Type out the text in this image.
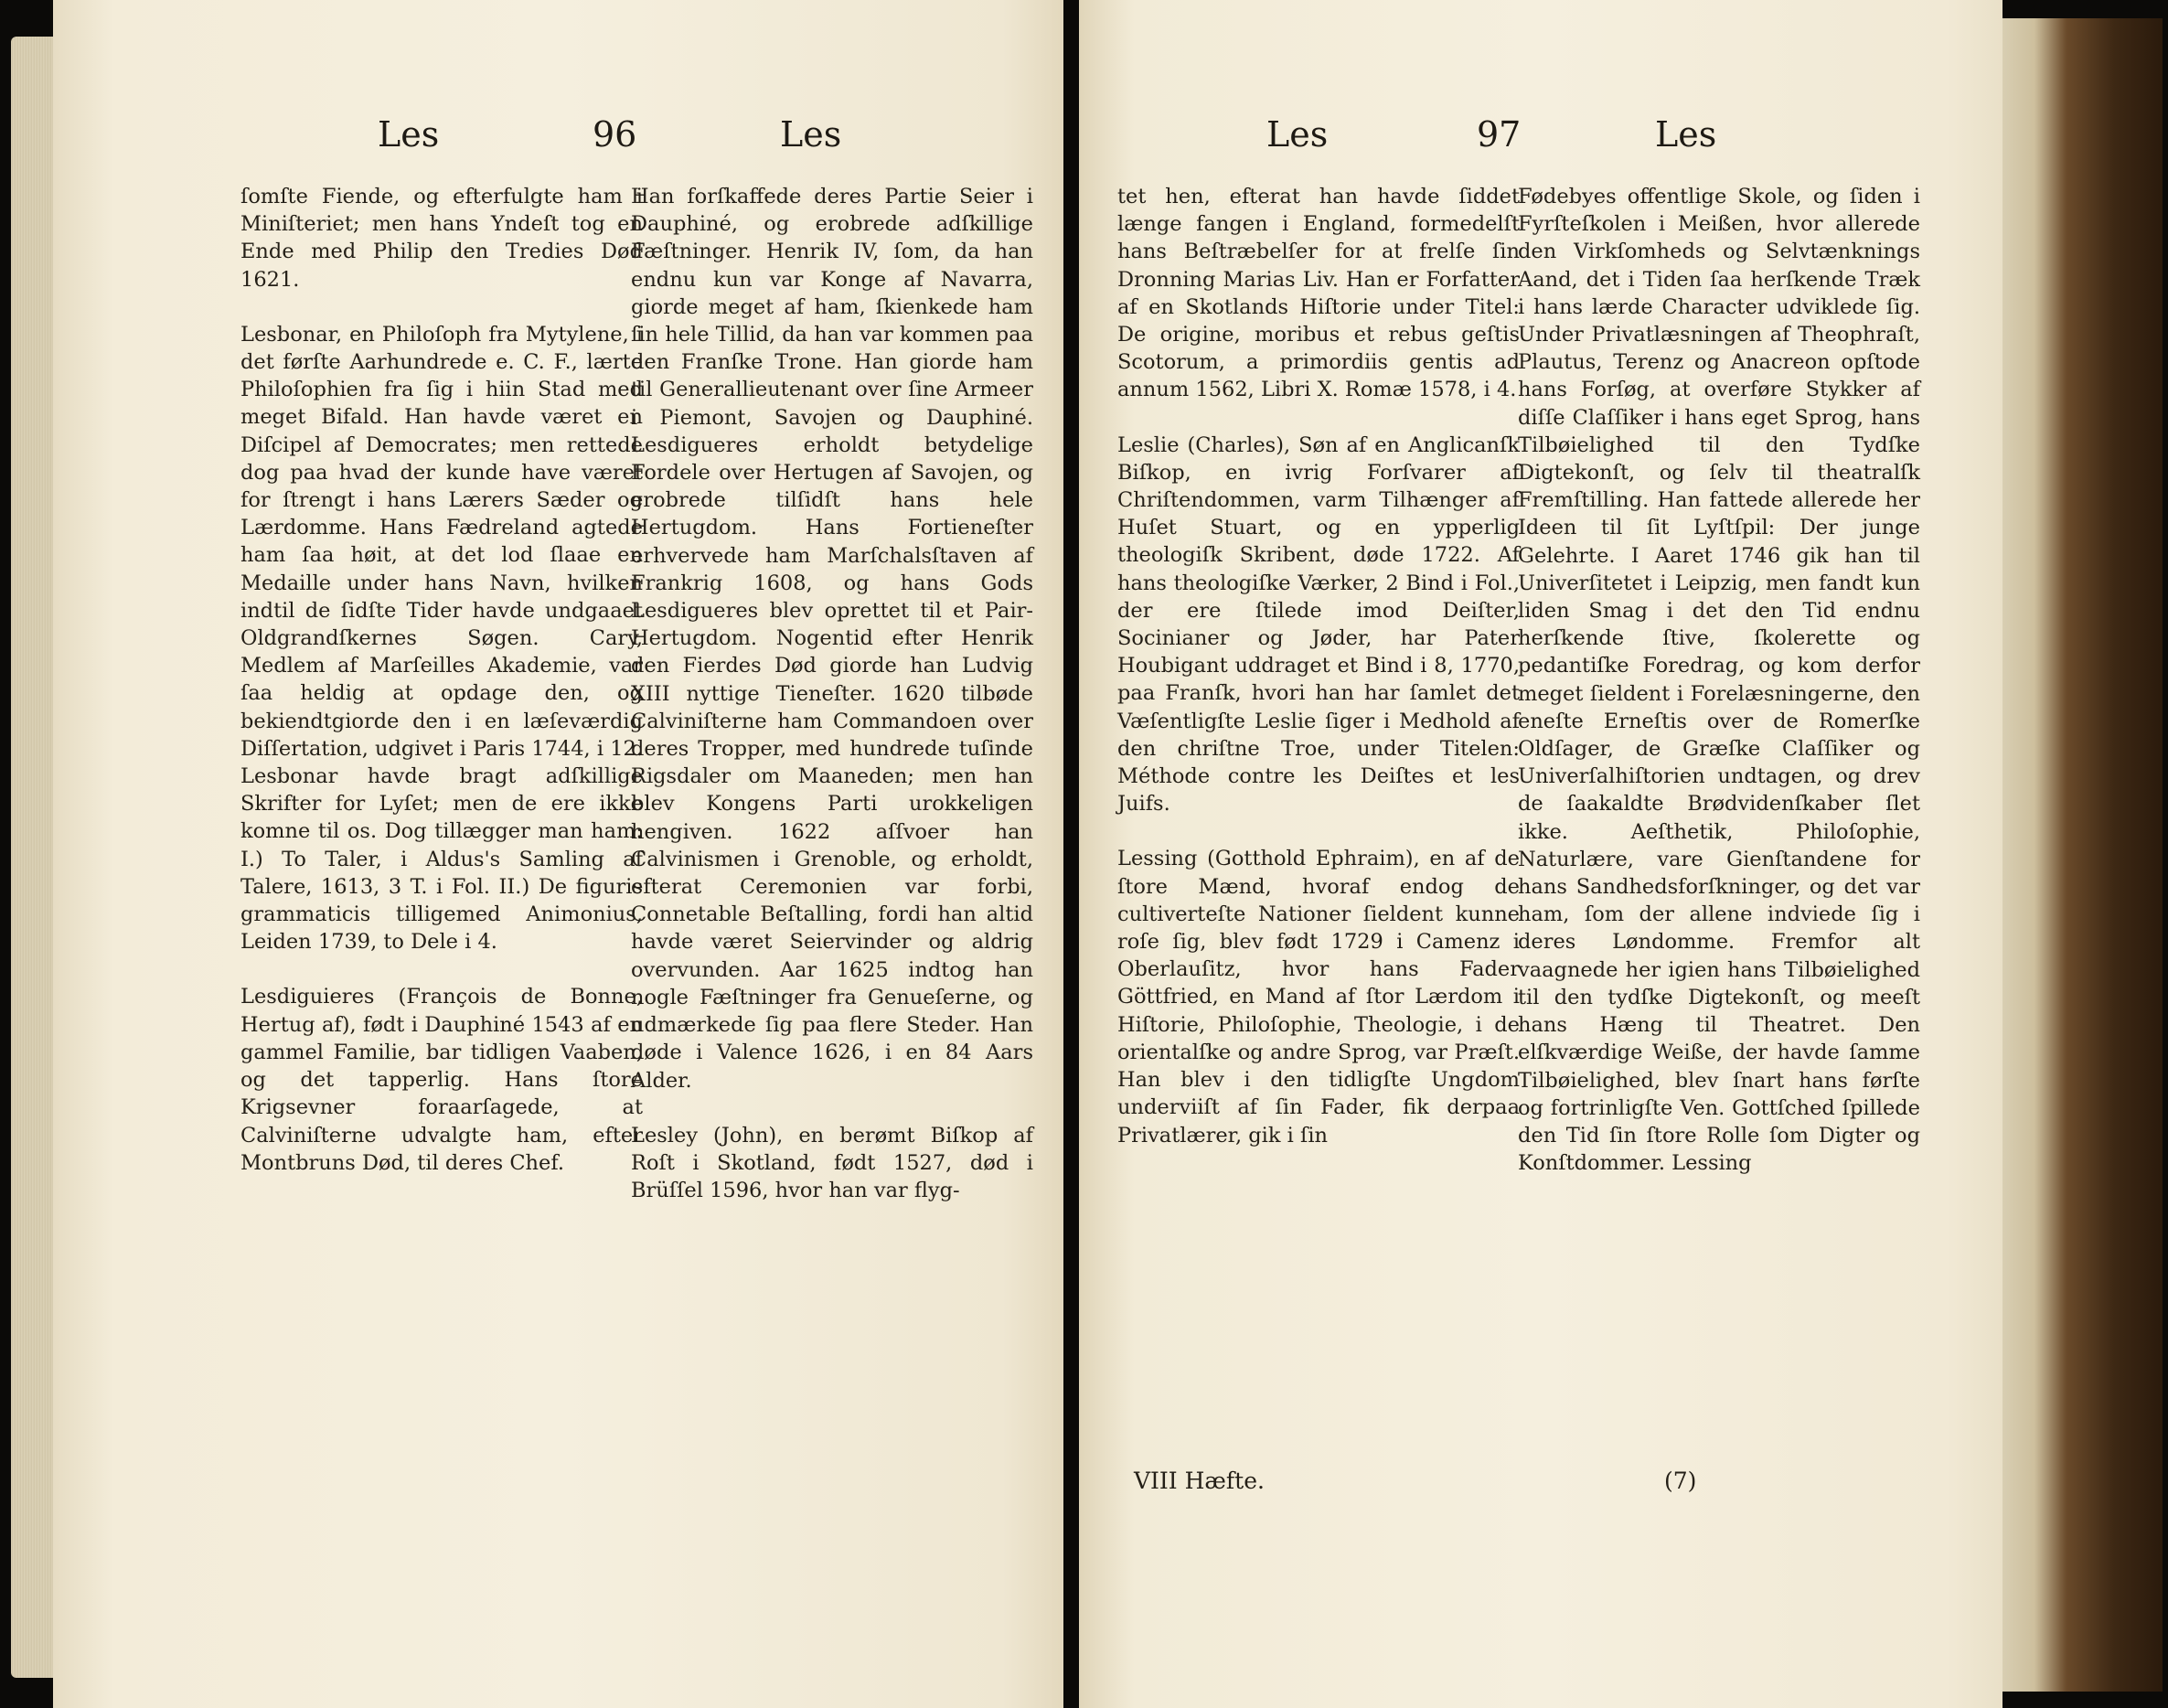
Les	96	Les

ſomſte Fiende, og efterfulgte ham i Miniſteriet; men hans Yndeſt tog en Ende med Philip den Tredies Død 1621.

Lesbonar, en Philoſoph fra Mytylene, i det førſte Aarhundrede e. C. F., lærte Philoſophien fra ſig i hiin Stad med meget Bifald. Han havde været en Diſcipel af Democrates; men rettede dog paa hvad der kunde have været for ſtrengt i hans Lærers Sæder og Lærdomme. Hans Fædreland agtede ham ſaa høit, at det lod ſlaae en Medaille under hans Navn, hvilken indtil de ſidſte Tider havde undgaaet Oldgrandſkernes Søgen. Cary, Medlem af Marſeilles Akademie, var ſaa heldig at opdage den, og bekiendtgiorde den i en læſeværdig Diſſertation, udgivet i Paris 1744, i 12. Lesbonar havde bragt adſkillige Skrifter for Lyſet; men de ere ikke komne til os. Dog tillægger man ham: I.) To Taler, i Aldus's Samling af Talere, 1613, 3 T. i Fol. II.) De figuris grammaticis tilligemed Animonius, Leiden 1739, to Dele i 4.

Lesdiguieres (François de Bonne, Hertug af), født i Dauphiné 1543 af en gammel Familie, bar tidligen Vaaben, og det tapperlig. Hans ſtore Krigsevner foraarſagede, at Calviniſterne udvalgte ham, efter Montbruns Død, til deres Chef.

Han forſkaffede deres Partie Seier i Dauphiné, og erobrede adſkillige Fæſtninger. Henrik IV, ſom, da han endnu kun var Konge af Navarra, giorde meget af ham, ſkienkede ham ſin hele Tillid, da han var kommen paa den Franſke Trone. Han giorde ham til Generallieutenant over ſine Armeer i Piemont, Savojen og Dauphiné. Lesdigueres erholdt betydelige Fordele over Hertugen af Savojen, og erobrede tilſidſt hans hele Hertugdom. Hans Fortieneſter erhvervede ham Marſchalsſtaven af Frankrig 1608, og hans Gods Lesdigueres blev oprettet til et Pair-Hertugdom. Nogentid efter Henrik den Fierdes Død giorde han Ludvig XIII nyttige Tieneſter. 1620 tilbøde Calviniſterne ham Commandoen over deres Tropper, med hundrede tuſinde Rigsdaler om Maaneden; men han blev Kongens Parti urokkeligen hengiven. 1622 aſſvoer han Calvinismen i Grenoble, og erholdt, efterat Ceremonien var forbi, Connetable Beſtalling, fordi han altid havde været Seiervinder og aldrig overvunden. Aar 1625 indtog han nogle Fæſtninger fra Genueſerne, og udmærkede ſig paa flere Steder. Han døde i Valence 1626, i en 84 Aars Alder.

Lesley (John), en berømt Biſkop af Roſt i Skotland, født 1527, død i Brüſſel 1596, hvor han var flyg-

Les	97	Les

tet hen, efterat han havde ſiddet længe fangen i England, formedelſt hans Beſtræbelſer for at frelſe ſin Dronning Marias Liv. Han er Forfatter af en Skotlands Hiſtorie under Titel: De origine, moribus et rebus geſtis Scotorum, a primordiis gentis ad annum 1562, Libri X. Romæ 1578, i 4.

Leslie (Charles), Søn af en Anglicanſk Biſkop, en ivrig Forſvarer af Chriſtendommen, varm Tilhænger af Huſet Stuart, og en ypperlig theologiſk Skribent, døde 1722. Af hans theologiſke Værker, 2 Bind i Fol., der ere ſtilede imod Deiſter, Socinianer og Jøder, har Pater Houbigant uddraget et Bind i 8, 1770, paa Franſk, hvori han har ſamlet det Væſentligſte Leslie ſiger i Medhold af den chriſtne Troe, under Titelen: Méthode contre les Deiſtes et les Juifs.

Lessing (Gotthold Ephraim), en af de ſtore Mænd, hvoraf endog de cultiverteſte Nationer ſieldent kunne roſe ſig, blev født 1729 i Camenz i Oberlauſitz, hvor hans Fader Göttfried, en Mand af ſtor Lærdom i Hiſtorie, Philoſophie, Theologie, i de orientalſke og andre Sprog, var Præſt. Han blev i den tidligſte Ungdom underviiſt af ſin Fader, fik derpaa Privatlærer, gik i ſin

Fødebyes offentlige Skole, og ſiden i Fyrſteſkolen i Meißen, hvor allerede den Virkſomheds og Selvtænknings Aand, det i Tiden ſaa herſkende Træk i hans lærde Character udviklede ſig. Under Privatlæsningen af Theophraſt, Plautus, Terenz og Anacreon opſtode hans Forſøg, at overføre Stykker af diſſe Claſſiker i hans eget Sprog, hans Tilbøielighed til den Tydſke Digtekonſt, og ſelv til theatralſk Fremſtilling. Han fattede allerede her Ideen til ſit Lyſtſpil: Der junge Gelehrte. I Aaret 1746 gik han til Univerſitetet i Leipzig, men fandt kun liden Smag i det den Tid endnu herſkende ſtive, ſkolerette og pedantiſke Foredrag, og kom derfor meget ſieldent i Forelæsningerne, den eneſte Erneſtis over de Romerſke Oldſager, de Græſke Claſſiker og Univerſalhiſtorien undtagen, og drev de ſaakaldte Brødvidenſkaber ſlet ikke. Aeſthetik, Philoſophie, Naturlære, vare Gienſtandene for hans Sandhedsforſkninger, og det var ham, ſom der allene indviede ſig i deres Løndomme. Fremfor alt vaagnede her igien hans Tilbøielighed til den tydſke Digtekonſt, og meeſt hans Hæng til Theatret. Den elſkværdige Weiße, der havde ſamme Tilbøielighed, blev ſnart hans førſte og fortrinligſte Ven. Gottſched ſpillede den Tid ſin ſtore Rolle ſom Digter og Konſtdommer. Lessing

VIII Hæfte.	(7)
